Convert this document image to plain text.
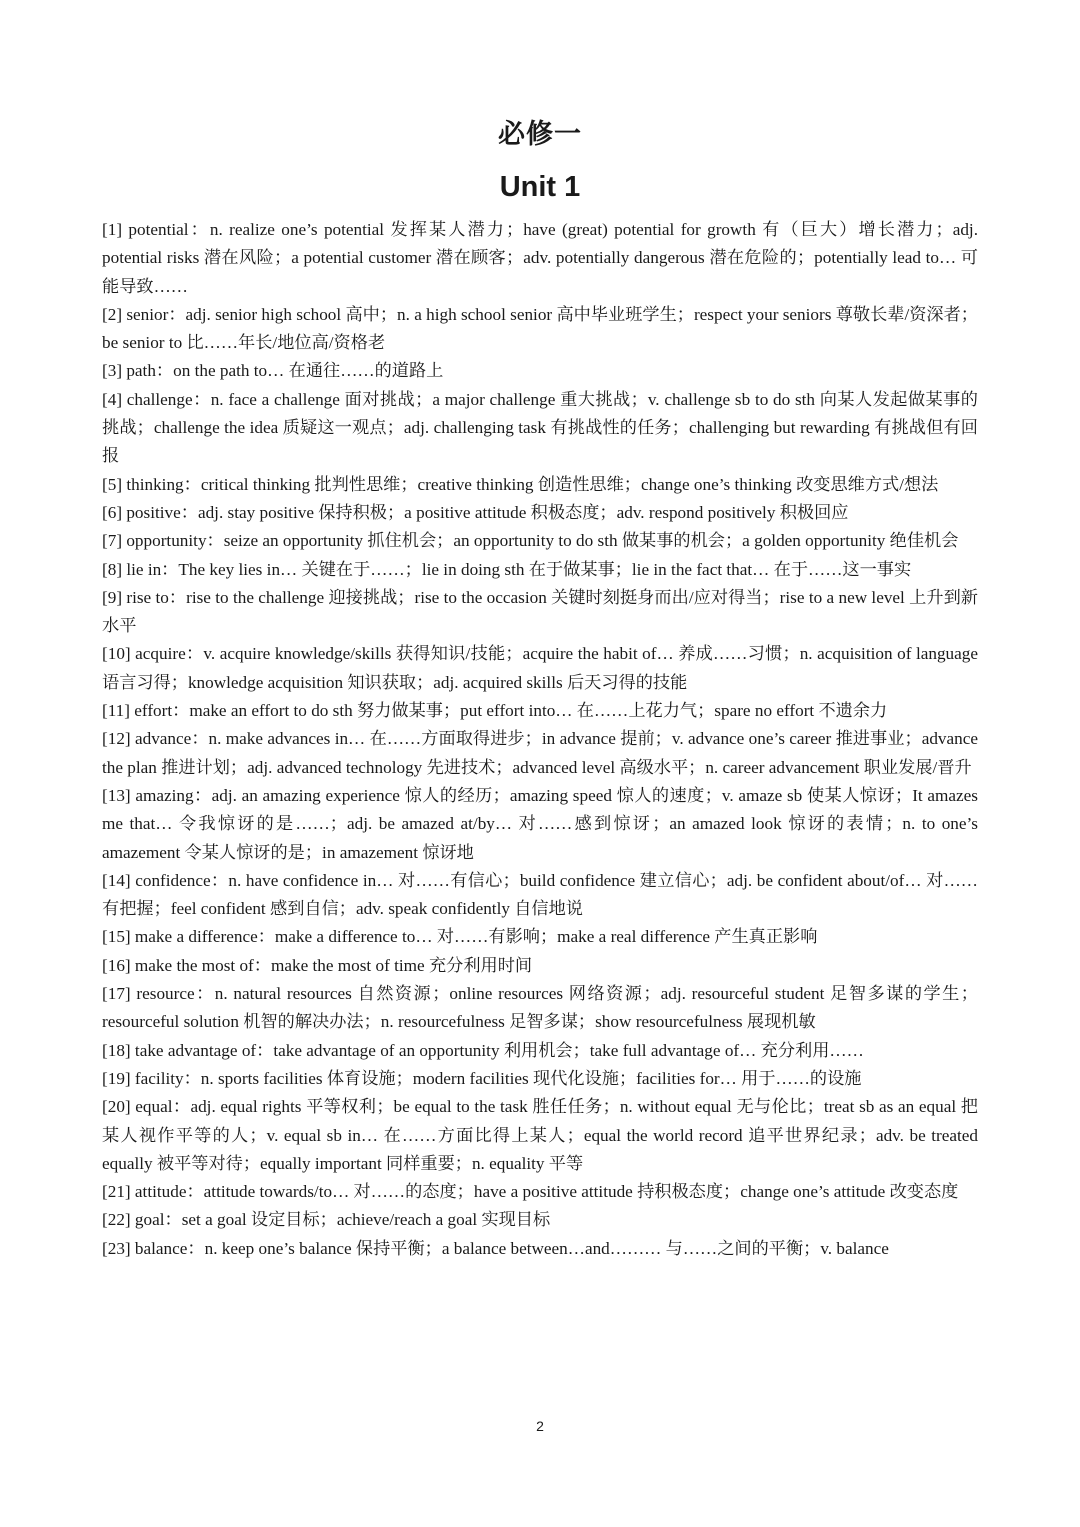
必修一
Unit 1

[1] potential：n. realize one’s potential 发挥某人潜力；have (great) potential for growth 有（巨大）增长潜力；adj. potential risks 潜在风险；a potential customer 潜在顾客；adv. potentially dangerous 潜在危险的；potentially lead to… 可能导致……

[2] senior：adj. senior high school 高中；n. a high school senior 高中毕业班学生；respect your seniors 尊敬长辈/资深者；be senior to 比……年长/地位高/资格老

[3] path：on the path to… 在通往……的道路上

[4] challenge：n. face a challenge 面对挑战；a major challenge 重大挑战；v. challenge sb to do sth 向某人发起做某事的挑战；challenge the idea 质疑这一观点；adj. challenging task 有挑战性的任务；challenging but rewarding 有挑战但有回报

[5] thinking：critical thinking 批判性思维；creative thinking 创造性思维；change one’s thinking 改变思维方式/想法

[6] positive：adj. stay positive 保持积极；a positive attitude 积极态度；adv. respond positively 积极回应

[7] opportunity：seize an opportunity 抓住机会；an opportunity to do sth 做某事的机会；a golden opportunity 绝佳机会

[8] lie in：The key lies in… 关键在于……；lie in doing sth 在于做某事；lie in the fact that… 在于……这一事实

[9] rise to：rise to the challenge 迎接挑战；rise to the occasion 关键时刻挺身而出/应对得当；rise to a new level 上升到新水平

[10] acquire：v. acquire knowledge/skills 获得知识/技能；acquire the habit of… 养成……习惯；n. acquisition of language 语言习得；knowledge acquisition 知识获取；adj. acquired skills 后天习得的技能

[11] effort：make an effort to do sth 努力做某事；put effort into… 在……上花力气；spare no effort 不遗余力

[12] advance：n. make advances in… 在……方面取得进步；in advance 提前；v. advance one’s career 推进事业；advance the plan 推进计划；adj. advanced technology 先进技术；advanced level 高级水平；n. career advancement 职业发展/晋升

[13] amazing：adj. an amazing experience 惊人的经历；amazing speed 惊人的速度；v. amaze sb 使某人惊讶；It amazes me that… 令我惊讶的是……；adj. be amazed at/by… 对……感到惊讶；an amazed look 惊讶的表情；n. to one’s amazement 令某人惊讶的是；in amazement 惊讶地

[14] confidence：n. have confidence in… 对……有信心；build confidence 建立信心；adj. be confident about/of… 对……有把握；feel confident 感到自信；adv. speak confidently 自信地说

[15] make a difference：make a difference to… 对……有影响；make a real difference 产生真正影响

[16] make the most of：make the most of time 充分利用时间

[17] resource：n. natural resources 自然资源；online resources 网络资源；adj. resourceful student 足智多谋的学生；resourceful solution 机智的解决办法；n. resourcefulness 足智多谋；show resourcefulness 展现机敏

[18] take advantage of：take advantage of an opportunity 利用机会；take full advantage of… 充分利用……

[19] facility：n. sports facilities 体育设施；modern facilities 现代化设施；facilities for… 用于……的设施

[20] equal：adj. equal rights 平等权利；be equal to the task 胜任任务；n. without equal 无与伦比；treat sb as an equal 把某人视作平等的人；v. equal sb in… 在……方面比得上某人；equal the world record 追平世界纪录；adv. be treated equally 被平等对待；equally important 同样重要；n. equality 平等

[21] attitude：attitude towards/to… 对……的态度；have a positive attitude 持积极态度；change one’s attitude 改变态度

[22] goal：set a goal 设定目标；achieve/reach a goal 实现目标

[23] balance：n. keep one’s balance 保持平衡；a balance between…and……… 与……之间的平衡；v. balance

2
